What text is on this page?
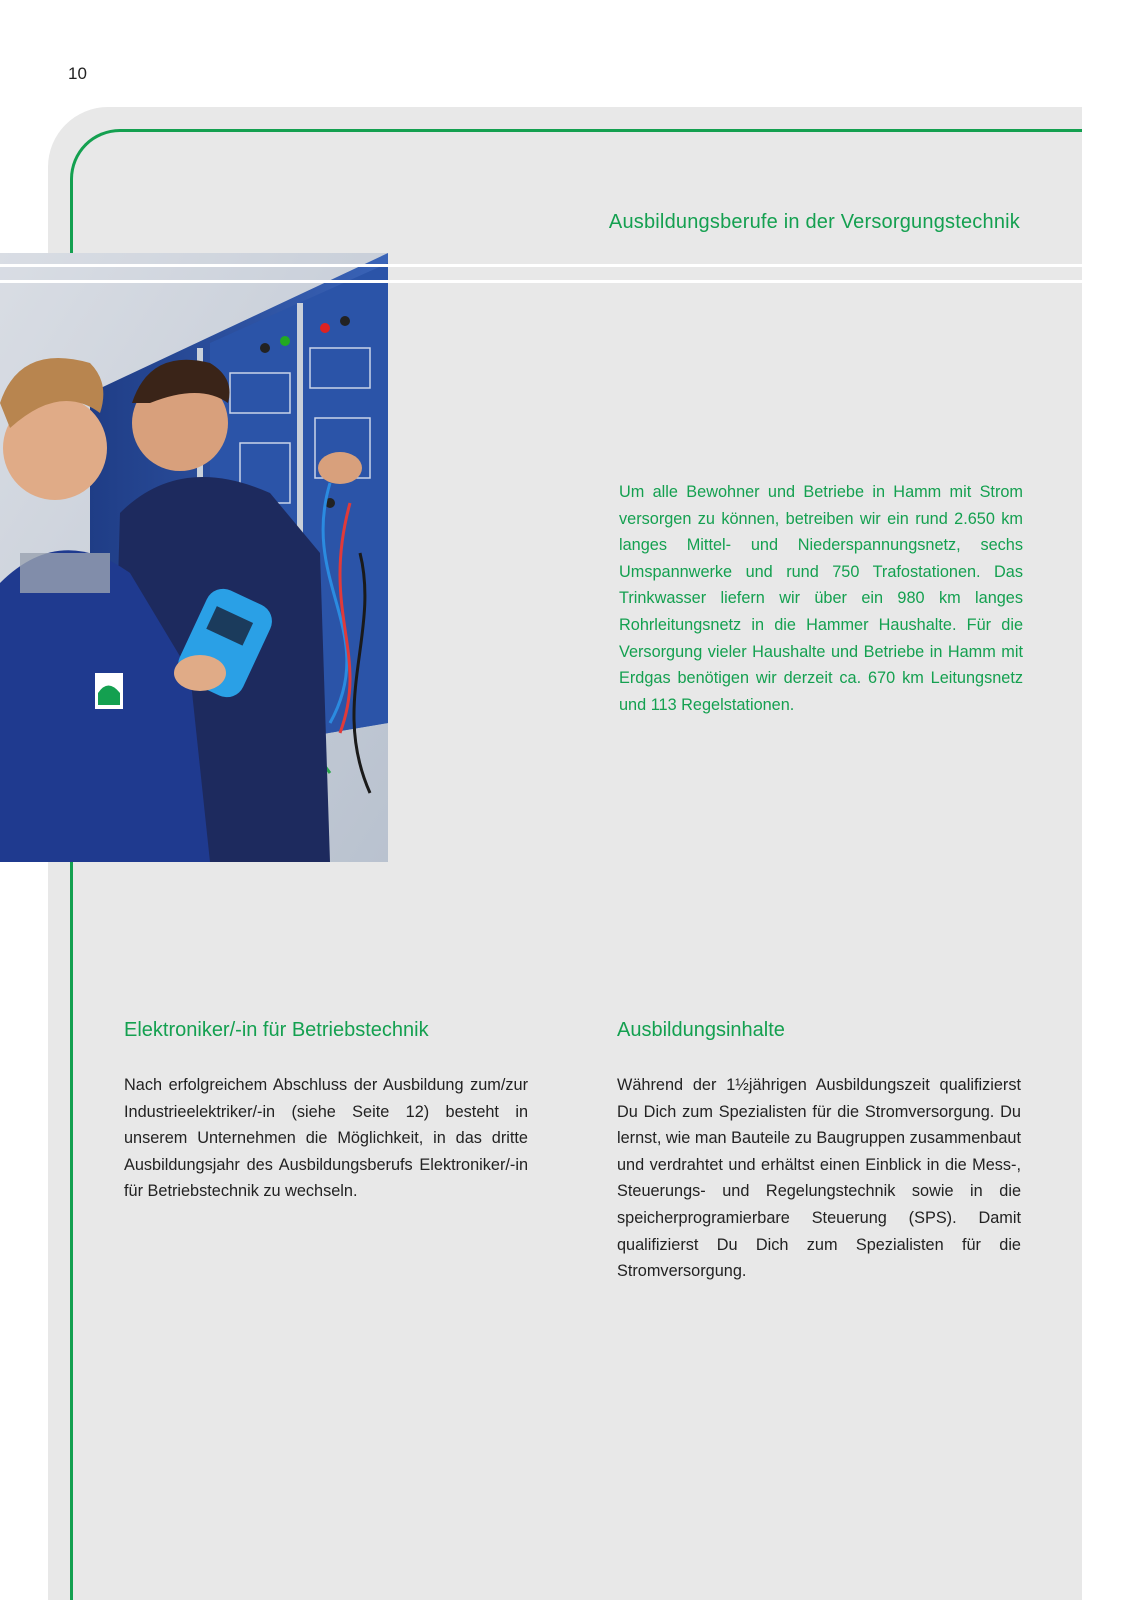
10
Ausbildungsberufe in der Versorgungstechnik
Um alle Bewohner und Betriebe in Hamm mit Strom versorgen zu können, betreiben wir ein rund 2.650 km langes Mittel- und Niederspannungsnetz, sechs Umspannwerke und rund 750 Trafostationen. Das Trinkwasser liefern wir über ein 980 km langes Rohrleitungsnetz in die Hammer Haushalte. Für die Versorgung vieler Haushalte und Betriebe in Hamm mit Erdgas benötigen wir derzeit ca. 670 km Leitungsnetz und 113 Regelstationen.
Elektroniker/-in für Betriebstechnik

Nach erfolgreichem Abschluss der Ausbildung zum/zur Industrieelektriker/-in (siehe Seite 12) besteht in unserem Unternehmen die Möglichkeit, in das dritte Ausbildungsjahr des Ausbildungsberufs Elektroniker/-in für Betriebstechnik zu wechseln.

Ausbildungsinhalte

Während der 1½jährigen Ausbildungszeit qualifizierst Du Dich zum Spezialisten für die Stromversorgung. Du lernst, wie man Bauteile zu Baugruppen zusammenbaut und verdrahtet und erhältst einen Einblick in die Mess-, Steuerungs- und Regelungstechnik sowie in die speicherprogramierbare Steuerung (SPS). Damit qualifizierst Du Dich zum Spezialisten für die Stromversorgung.
